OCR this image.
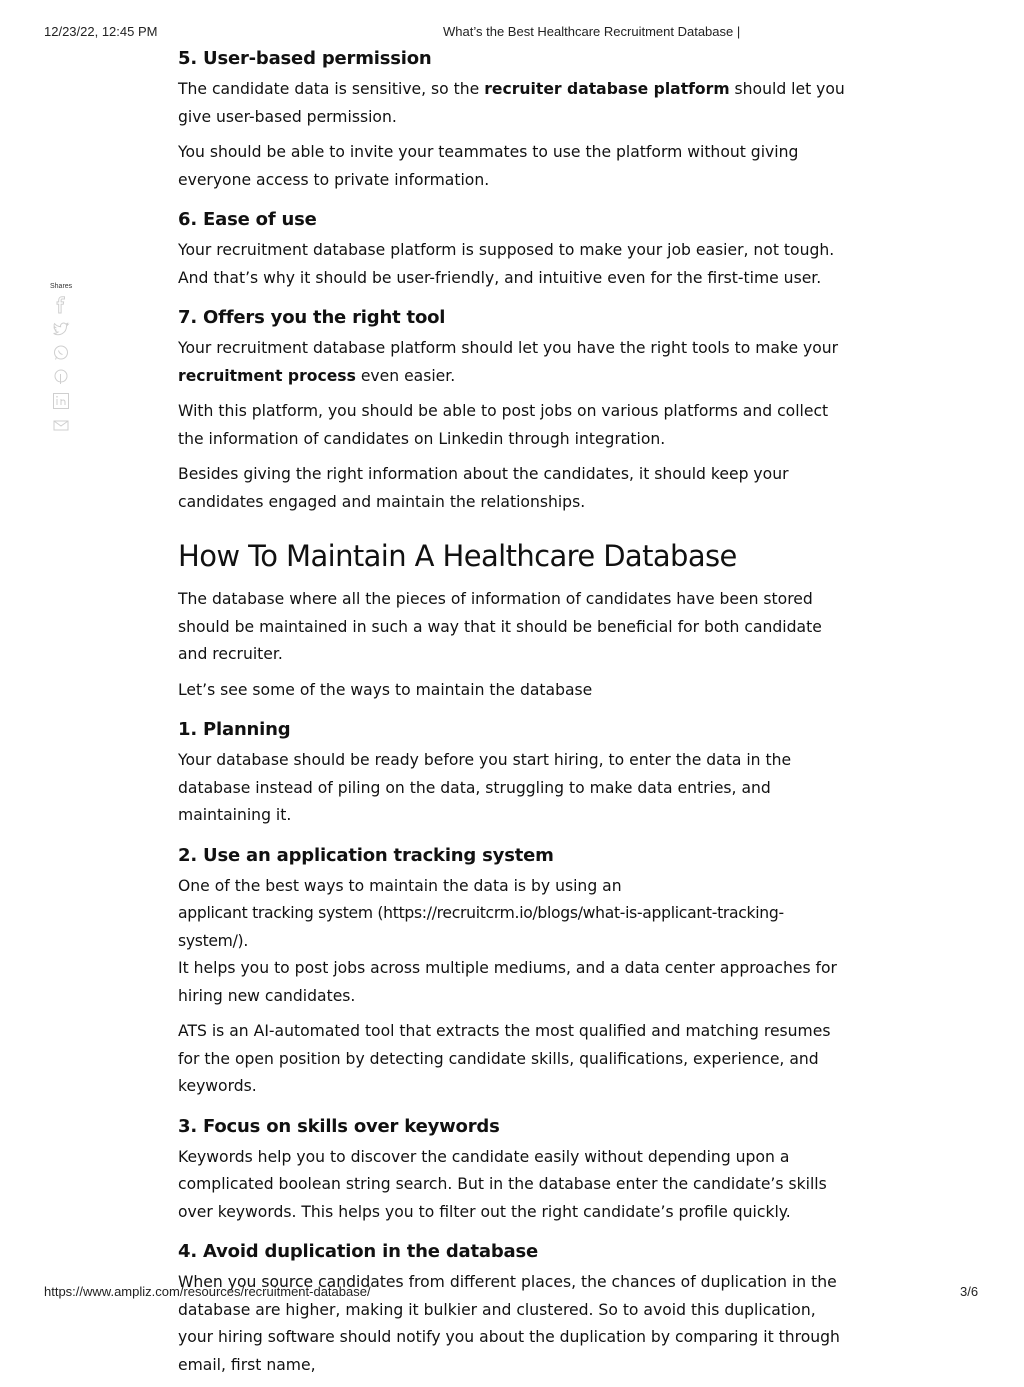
12/23/22, 12:45 PM	What’s the Best Healthcare Recruitment Database |
Shares
5. User-based permission

The candidate data is sensitive, so the recruiter database platform should let you give user-based permission.

You should be able to invite your teammates to use the platform without giving everyone access to private information.

6. Ease of use

Your recruitment database platform is supposed to make your job easier, not tough. And that’s why it should be user-friendly, and intuitive even for the first-time user.

7. Offers you the right tool

Your recruitment database platform should let you have the right tools to make your recruitment process even easier.

With this platform, you should be able to post jobs on various platforms and collect the information of candidates on Linkedin through integration.

Besides giving the right information about the candidates, it should keep your candidates engaged and maintain the relationships.

How To Maintain A Healthcare Database

The database where all the pieces of information of candidates have been stored should be maintained in such a way that it should be beneficial for both candidate and recruiter.

Let’s see some of the ways to maintain the database

1. Planning

Your database should be ready before you start hiring, to enter the data in the database instead of piling on the data, struggling to make data entries, and maintaining it.

2. Use an application tracking system

One of the best ways to maintain the data is by using an
applicant tracking system (https://recruitcrm.io/blogs/what-is-applicant-tracking-system/).
It helps you to post jobs across multiple mediums, and a data center approaches for hiring new candidates.

ATS is an AI-automated tool that extracts the most qualified and matching resumes for the open position by detecting candidate skills, qualifications, experience, and keywords.

3. Focus on skills over keywords

Keywords help you to discover the candidate easily without depending upon a complicated boolean string search. But in the database enter the candidate’s skills over keywords. This helps you to filter out the right candidate’s profile quickly.

4. Avoid duplication in the database

When you source candidates from different places, the chances of duplication in the database are higher, making it bulkier and clustered. So to avoid this duplication, your hiring software should notify you about the duplication by comparing it through email, first name,

https://www.ampliz.com/resources/recruitment-database/	3/6
